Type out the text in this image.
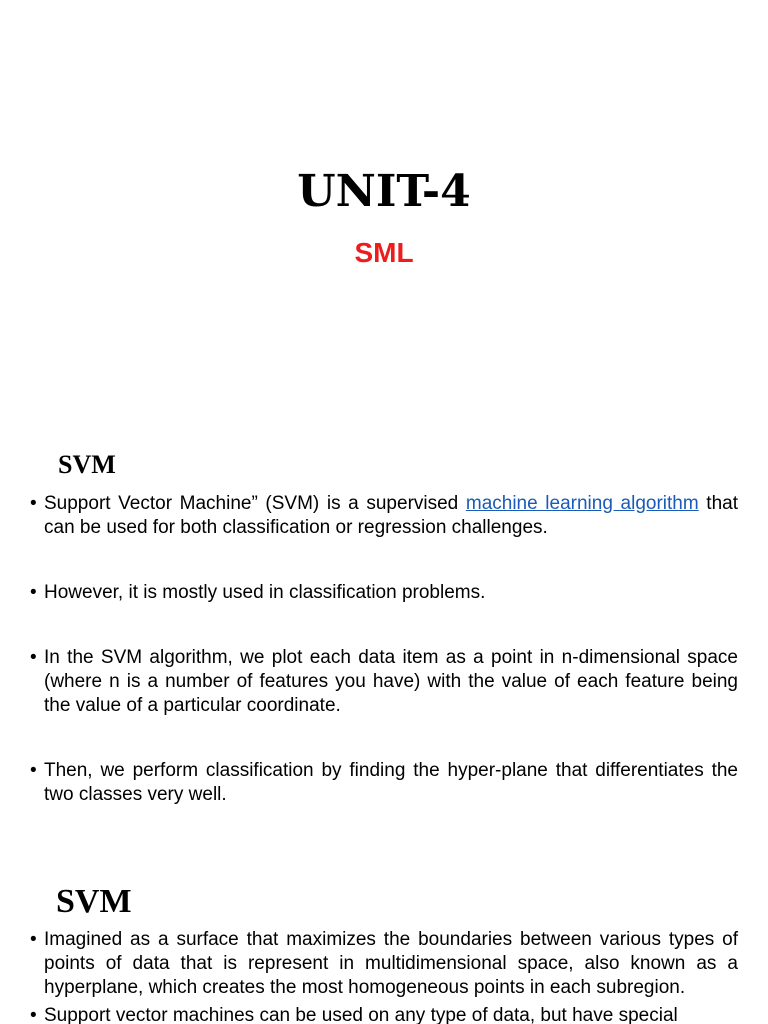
UNIT-4
SML
SVM
• Support Vector Machine” (SVM) is a supervised machine learning algorithm that can be used for both classification or regression challenges.
• However, it is mostly used in classification problems.
• In the SVM algorithm, we plot each data item as a point in n-dimensional space (where n is a number of features you have) with the value of each feature being the value of a particular coordinate.
• Then, we perform classification by finding the hyper-plane that differentiates the two classes very well.
SVM
• Imagined as a surface that maximizes the boundaries between various types of points of data that is represent in multidimensional space, also known as a hyperplane, which creates the most homogeneous points in each subregion.
• Support vector machines can be used on any type of data, but have special
